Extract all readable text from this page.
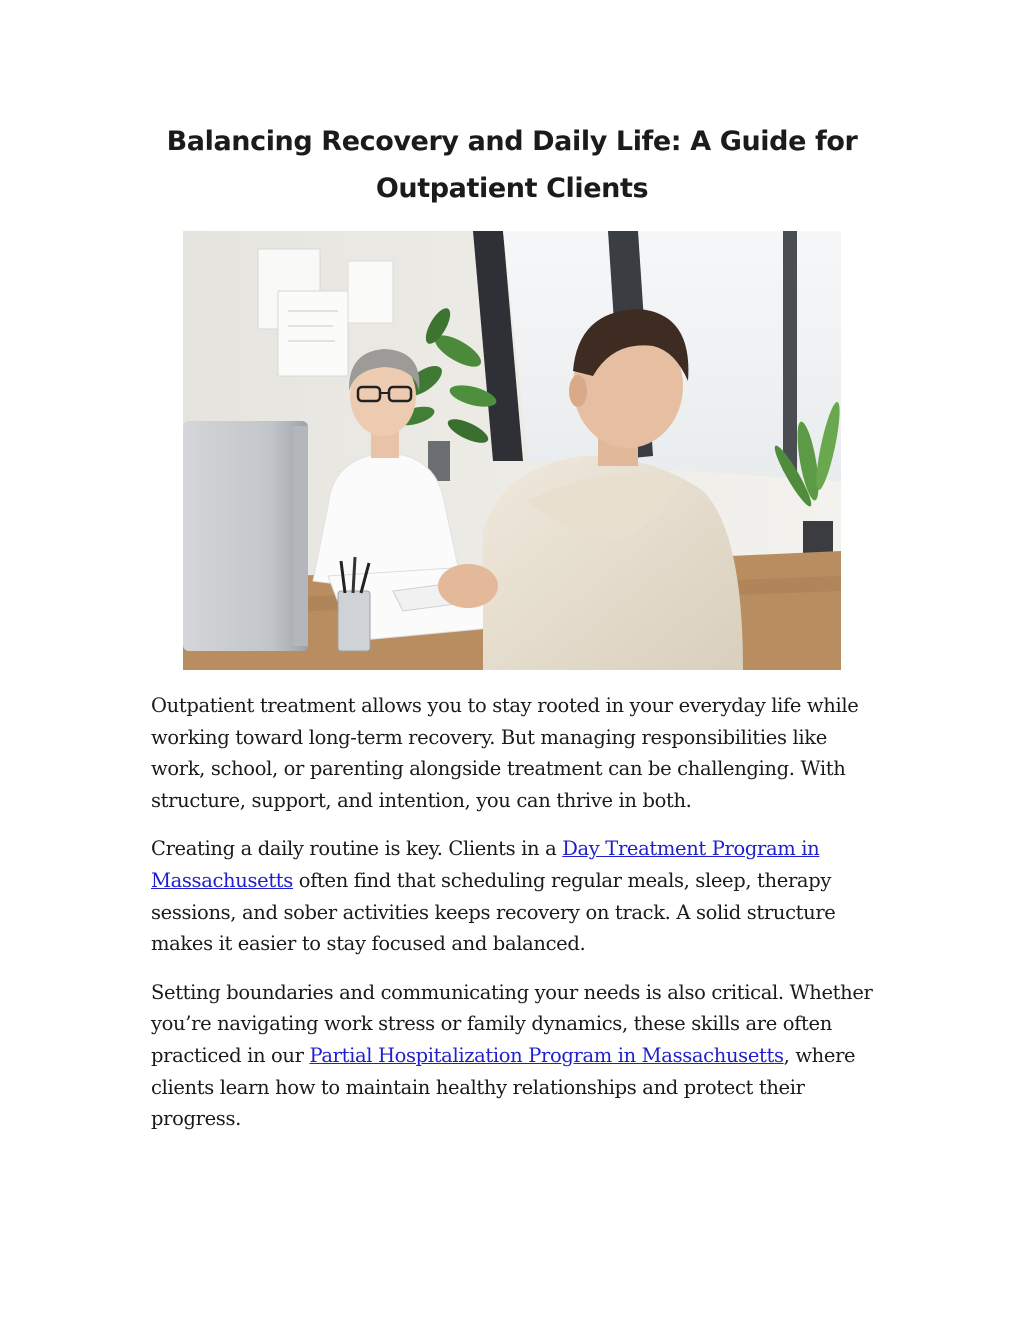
Balancing Recovery and Daily Life: A Guide for
Outpatient Clients

Outpatient treatment allows you to stay rooted in your everyday life while working toward long-term recovery. But managing responsibilities like work, school, or parenting alongside treatment can be challenging. With structure, support, and intention, you can thrive in both.

Creating a daily routine is key. Clients in a Day Treatment Program in Massachusetts often find that scheduling regular meals, sleep, therapy sessions, and sober activities keeps recovery on track. A solid structure makes it easier to stay focused and balanced.

Setting boundaries and communicating your needs is also critical. Whether you’re navigating work stress or family dynamics, these skills are often practiced in our Partial Hospitalization Program in Massachusetts, where clients learn how to maintain healthy relationships and protect their progress.
